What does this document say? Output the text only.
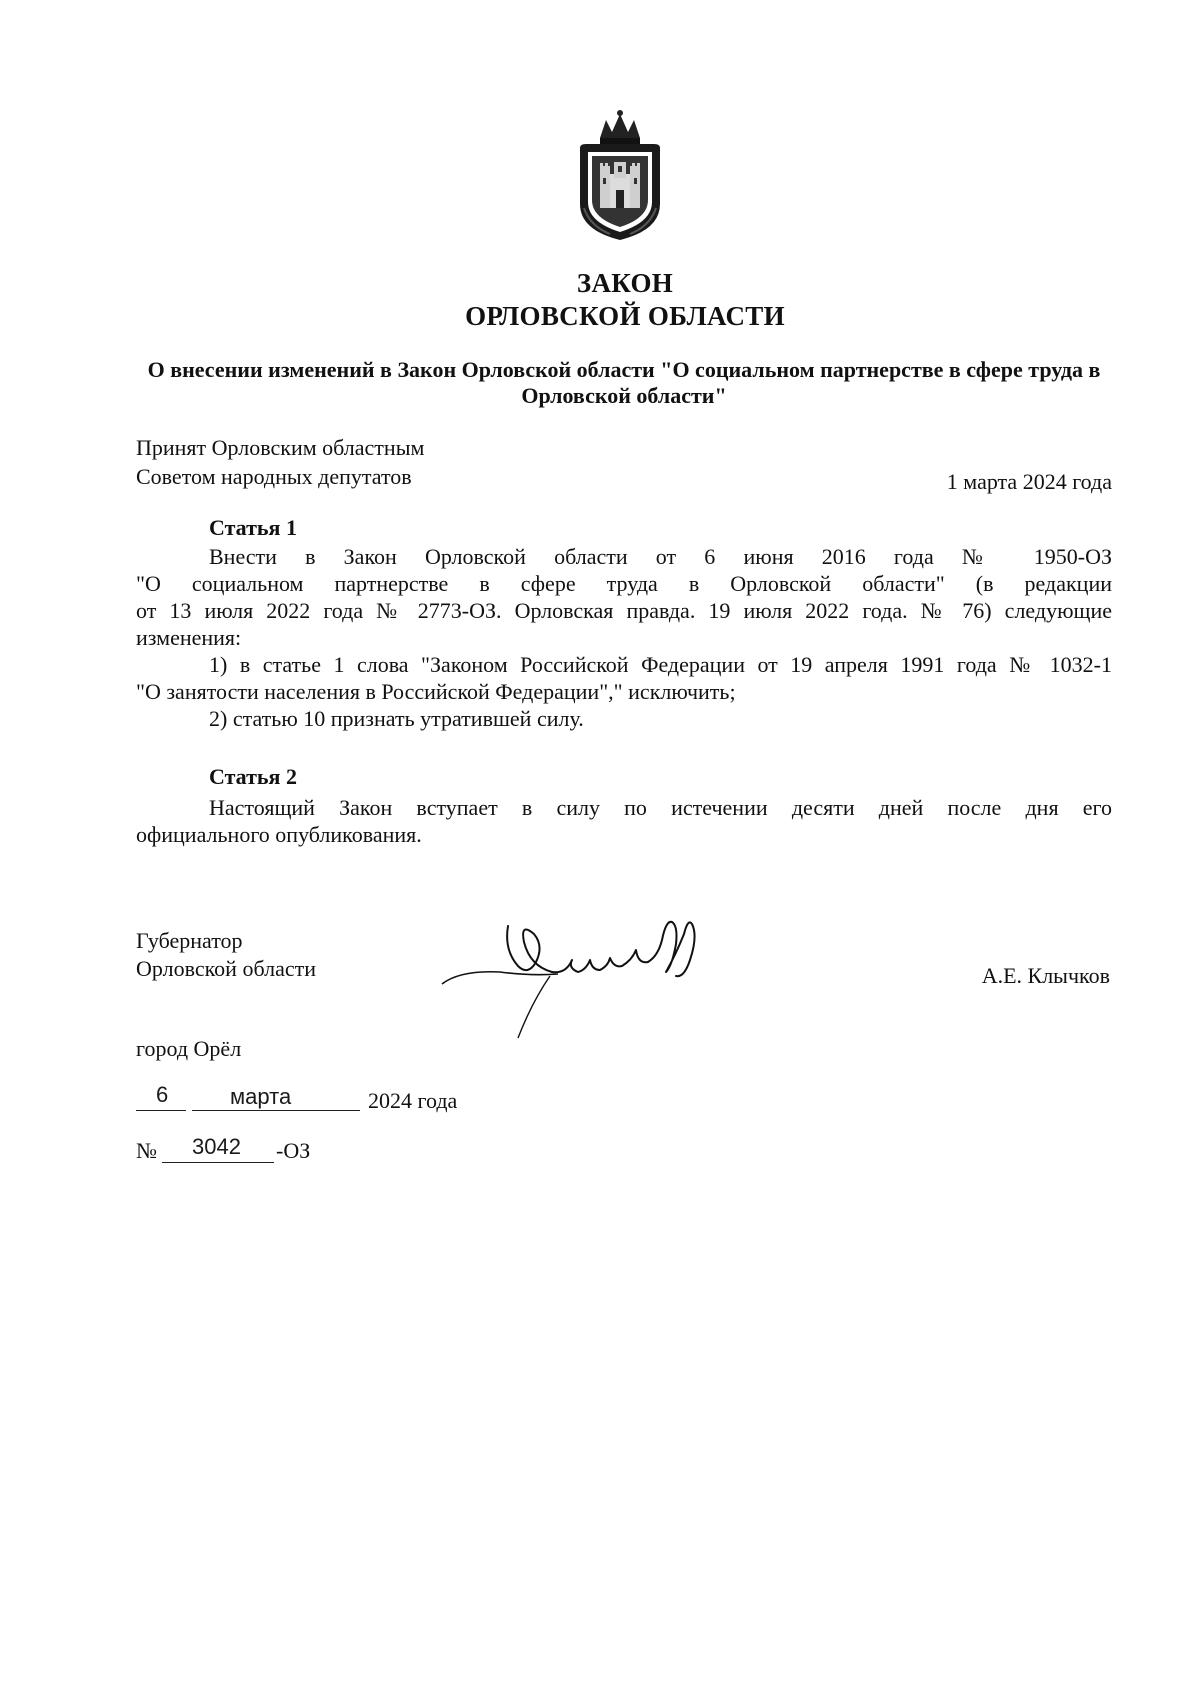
ЗАКОН
ОРЛОВСКОЙ ОБЛАСТИ
О внесении изменений в Закон Орловской области "О социальном партнерстве в сфере труда в Орловской области"
Принят Орловским областным
Советом народных депутатов	1 марта 2024 года
Статья 1
Внести в Закон Орловской области от 6 июня 2016 года № 1950-ОЗ
"О социальном партнерстве в сфере труда в Орловской области" (в редакции
от 13 июля 2022 года № 2773-ОЗ. Орловская правда. 19 июля 2022 года. № 76) следующие
изменения:
1) в статье 1 слова "Законом Российской Федерации от 19 апреля 1991 года № 1032-1
"О занятости населения в Российской Федерации"," исключить;
2) статью 10 признать утратившей силу.
Статья 2
Настоящий Закон вступает в силу по истечении десяти дней после дня его
официального опубликования.
Губернатор
Орловской области	А.Е. Клычков
город Орёл
6	марта	2024 года
№ 3042 -ОЗ
